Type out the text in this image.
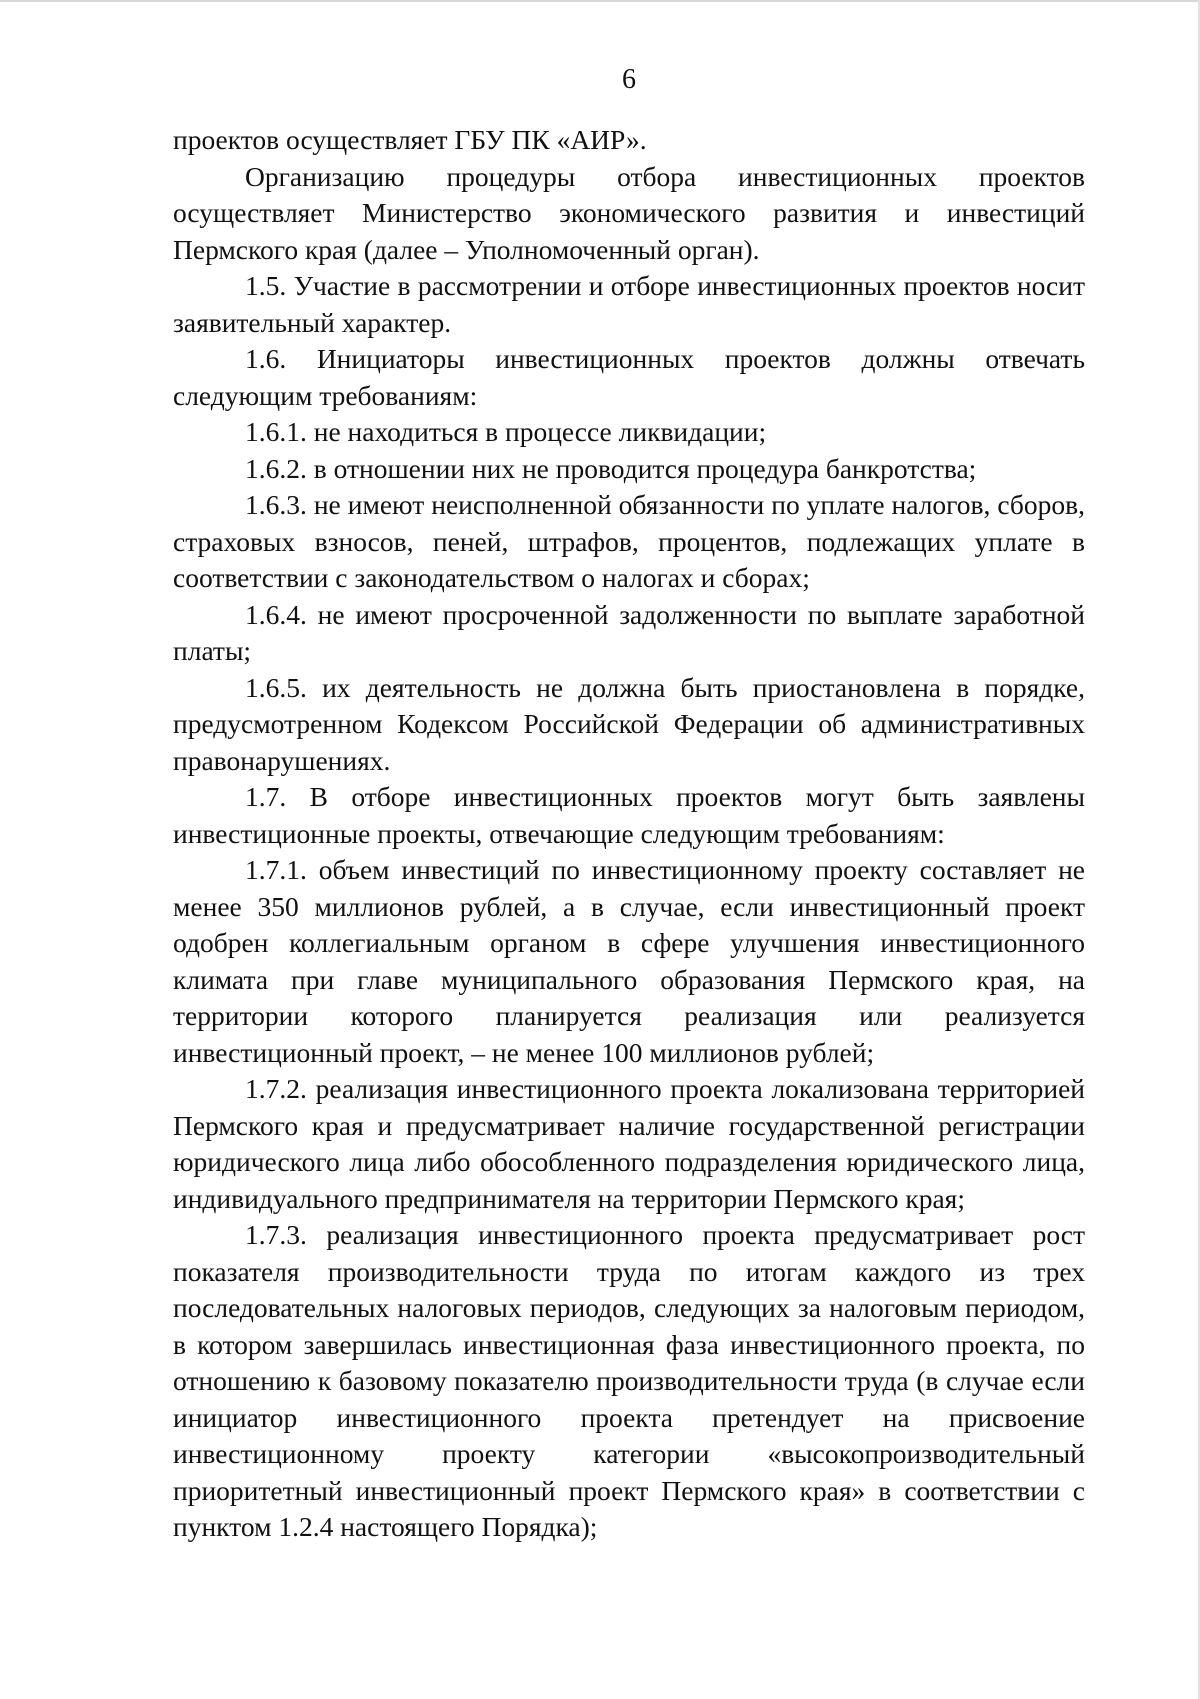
6

проектов осуществляет ГБУ ПК «АИР».

Организацию процедуры отбора инвестиционных проектов осуществляет Министерство экономического развития и инвестиций Пермского края (далее – Уполномоченный орган).

1.5. Участие в рассмотрении и отборе инвестиционных проектов носит заявительный характер.

1.6. Инициаторы инвестиционных проектов должны отвечать следующим требованиям:

1.6.1. не находиться в процессе ликвидации;

1.6.2. в отношении них не проводится процедура банкротства;

1.6.3. не имеют неисполненной обязанности по уплате налогов, сборов, страховых взносов, пеней, штрафов, процентов, подлежащих уплате в соответствии с законодательством о налогах и сборах;

1.6.4. не имеют просроченной задолженности по выплате заработной платы;

1.6.5. их деятельность не должна быть приостановлена в порядке, предусмотренном Кодексом Российской Федерации об административных правонарушениях.

1.7. В отборе инвестиционных проектов могут быть заявлены инвестиционные проекты, отвечающие следующим требованиям:

1.7.1. объем инвестиций по инвестиционному проекту составляет не менее 350 миллионов рублей, а в случае, если инвестиционный проект одобрен коллегиальным органом в сфере улучшения инвестиционного климата при главе муниципального образования Пермского края, на территории которого планируется реализация или реализуется инвестиционный проект, – не менее 100 миллионов рублей;

1.7.2. реализация инвестиционного проекта локализована территорией Пермского края и предусматривает наличие государственной регистрации юридического лица либо обособленного подразделения юридического лица, индивидуального предпринимателя на территории Пермского края;

1.7.3. реализация инвестиционного проекта предусматривает рост показателя производительности труда по итогам каждого из трех последовательных налоговых периодов, следующих за налоговым периодом, в котором завершилась инвестиционная фаза инвестиционного проекта, по отношению к базовому показателю производительности труда (в случае если инициатор инвестиционного проекта претендует на присвоение инвестиционному проекту категории «высокопроизводительный приоритетный инвестиционный проект Пермского края» в соответствии с пунктом 1.2.4 настоящего Порядка);
